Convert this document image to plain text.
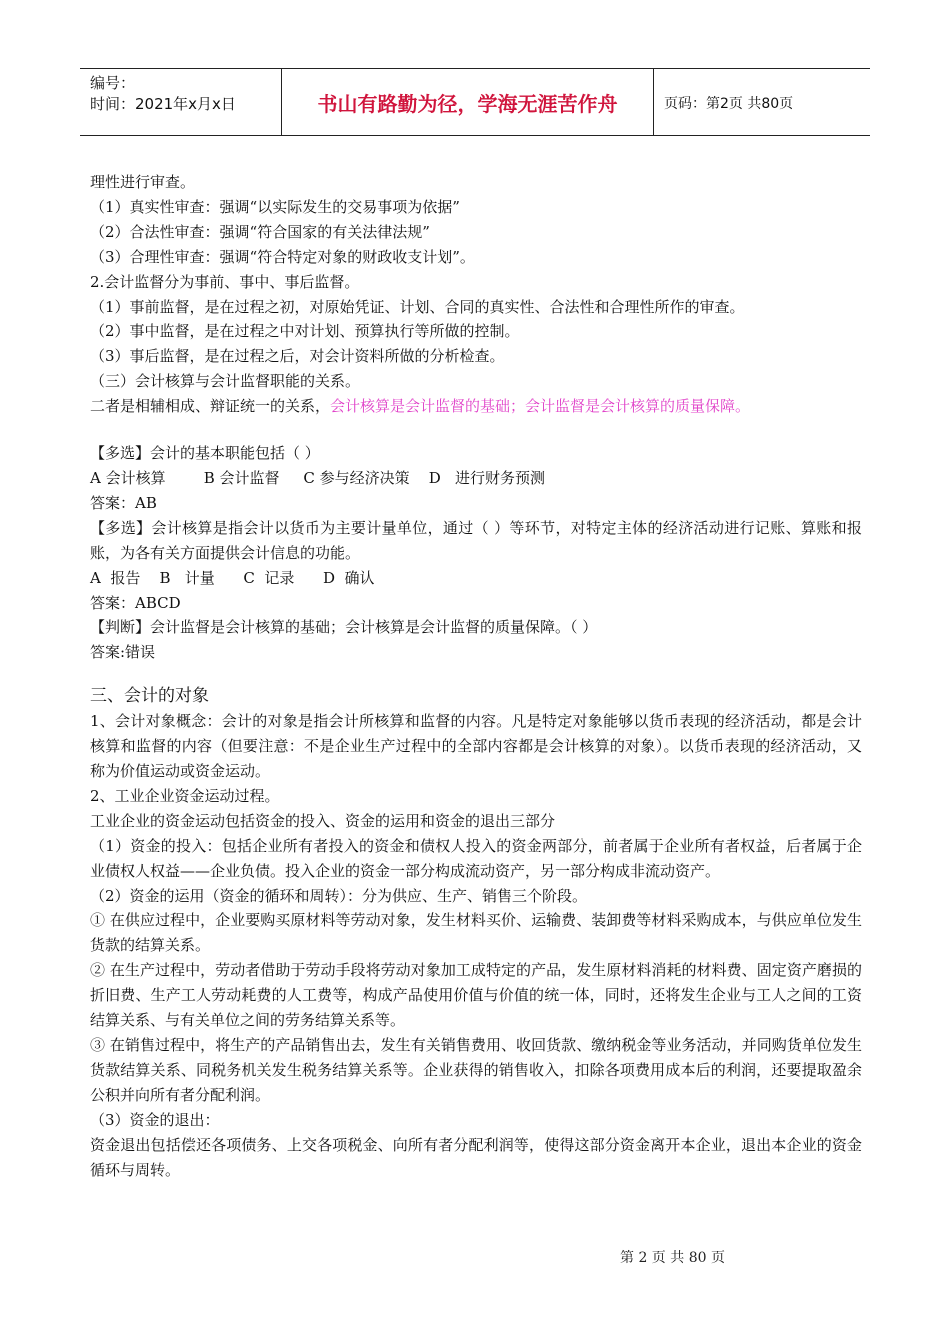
编号：
时间：2021年x月x日	书山有路勤为径，学海无涯苦作舟	页码：第2页 共80页
理性进行审查。
（1）真实性审查：强调“以实际发生的交易事项为依据”
（2）合法性审查：强调“符合国家的有关法律法规”
（3）合理性审查：强调“符合特定对象的财政收支计划”。
2.会计监督分为事前、事中、事后监督。
（1）事前监督，是在过程之初，对原始凭证、计划、合同的真实性、合法性和合理性所作的审查。
（2）事中监督，是在过程之中对计划、预算执行等所做的控制。
（3）事后监督，是在过程之后，对会计资料所做的分析检查。
（三）会计核算与会计监督职能的关系。
二者是相辅相成、辩证统一的关系，会计核算是会计监督的基础；会计监督是会计核算的质量保障。
【多选】会计的基本职能包括（ ）
A 会计核算        B 会计监督     C 参与经济决策    D   进行财务预测
答案：AB
【多选】会计核算是指会计以货币为主要计量单位，通过（ ）等环节，对特定主体的经济活动进行记账、算账和报账，为各有关方面提供会计信息的功能。
A  报告    B   计量      C  记录      D  确认
答案：ABCD
【判断】会计监督是会计核算的基础；会计核算是会计监督的质量保障。（ ）
答案:错误
三、会计的对象
1、会计对象概念：会计的对象是指会计所核算和监督的内容。凡是特定对象能够以货币表现的经济活动，都是会计核算和监督的内容（但要注意：不是企业生产过程中的全部内容都是会计核算的对象）。以货币表现的经济活动，又称为价值运动或资金运动。
2、工业企业资金运动过程。
工业企业的资金运动包括资金的投入、资金的运用和资金的退出三部分
（1）资金的投入：包括企业所有者投入的资金和债权人投入的资金两部分，前者属于企业所有者权益，后者属于企业债权人权益——企业负债。投入企业的资金一部分构成流动资产，另一部分构成非流动资产。
（2）资金的运用（资金的循环和周转）：分为供应、生产、销售三个阶段。
① 在供应过程中，企业要购买原材料等劳动对象，发生材料买价、运输费、装卸费等材料采购成本，与供应单位发生货款的结算关系。
② 在生产过程中，劳动者借助于劳动手段将劳动对象加工成特定的产品，发生原材料消耗的材料费、固定资产磨损的折旧费、生产工人劳动耗费的人工费等，构成产品使用价值与价值的统一体，同时，还将发生企业与工人之间的工资结算关系、与有关单位之间的劳务结算关系等。
③ 在销售过程中，将生产的产品销售出去，发生有关销售费用、收回货款、缴纳税金等业务活动，并同购货单位发生货款结算关系、同税务机关发生税务结算关系等。企业获得的销售收入，扣除各项费用成本后的利润，还要提取盈余公积并向所有者分配利润。
（3）资金的退出：
资金退出包括偿还各项债务、上交各项税金、向所有者分配利润等，使得这部分资金离开本企业，退出本企业的资金循环与周转。
第 2 页 共 80 页
